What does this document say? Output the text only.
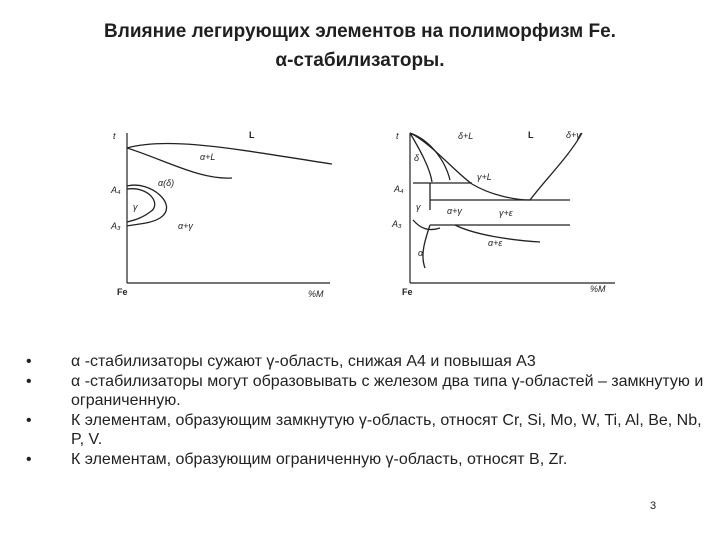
Влияние легирующих элементов на полиморфизм Fe.
α-стабилизаторы.
t	L
α+L
α(δ)
A₄
γ
A₃	α+γ
Fe	%M
t	δ+L	L	δ+γ
δ
γ+L
A₄
γ	α+γ	γ+ε
A₃
α+ε
α
Fe	%M
• α -стабилизаторы сужают γ-область, снижая A4 и повышая A3
• α -стабилизаторы могут образовывать с железом два типа γ-областей – замкнутую и ограниченную.
• К элементам, образующим замкнутую γ-область, относят Cr, Si, Mo, W, Ti, Al, Be, Nb, P, V.
• К элементам, образующим ограниченную γ-область, относят B, Zr.
3
